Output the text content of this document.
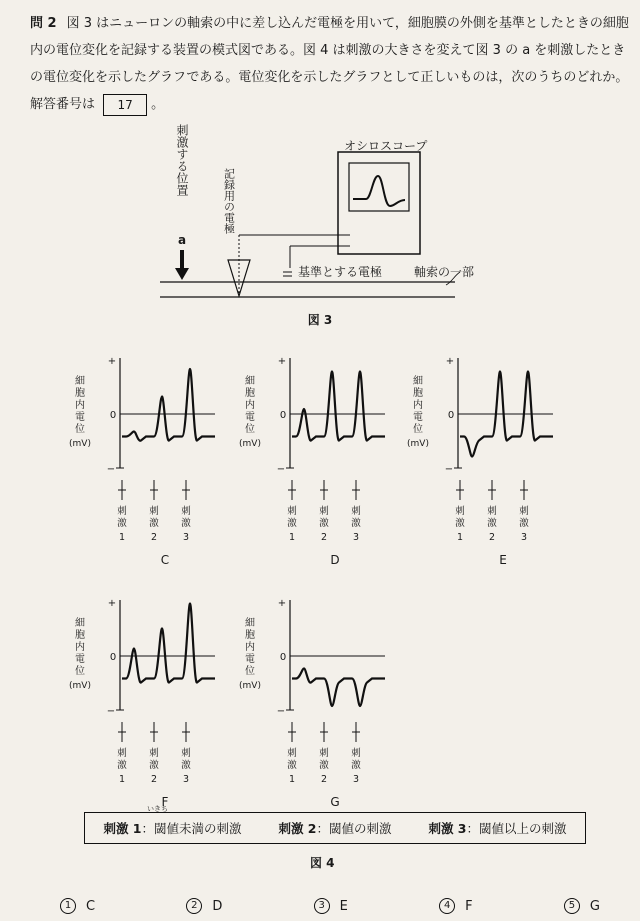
問 2 図 3 はニューロンの軸索の中に差し込んだ電極を用いて，細胞膜の外側を基準としたときの細胞内の電位変化を記録する装置の模式図である。図 4 は刺激の大きさを変えて図 3 の a を刺激したときの電位変化を示したグラフである。電位変化を示したグラフとして正しいものは，次のうちのどれか。解答番号は 17 。
刺激する位置
a
記録用の電極
オシロスコープ
基準とする電極	軸索の一部
図 3
+
0
−
細
胞
内
電
位
(mV)
刺
激
1
刺
激
2
刺
激
3
C
+
0
−
細
胞
内
電
位
(mV)
刺
激
1
刺
激
2
刺
激
3
D
+
0
−
細
胞
内
電
位
(mV)
刺
激
1
刺
激
2
刺
激
3
E
+
0
−
細
胞
内
電
位
(mV)
刺
激
1
刺
激
2
刺
激
3
F
+
0
−
細
胞
内
電
位
(mV)
刺
激
1
刺
激
2
刺
激
3
G
いきち
刺激 1：閾値未満の刺激	刺激 2：閾値の刺激	刺激 3：閾値以上の刺激
図 4
1	C	2	D	3	E	4	F	5	G
